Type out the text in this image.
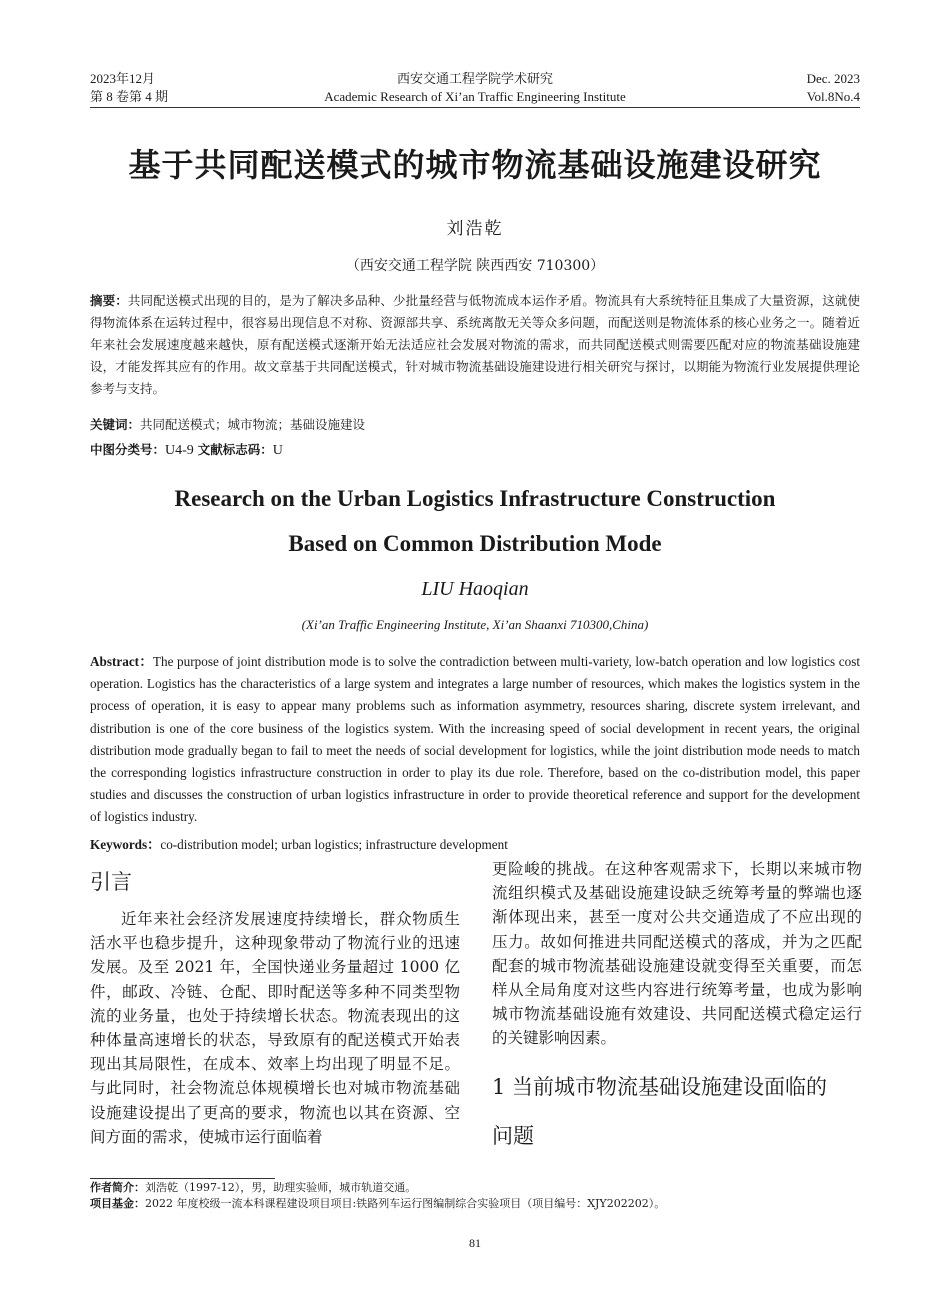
2023年12月
第 8 卷第 4 期
西安交通工程学院学术研究
Academic Research of Xi’an Traffic Engineering Institute
Dec. 2023
Vol.8No.4
基于共同配送模式的城市物流基础设施建设研究
刘浩乾
（西安交通工程学院 陕西西安 710300）
摘要：共同配送模式出现的目的，是为了解决多品种、少批量经营与低物流成本运作矛盾。物流具有大系统特征且集成了大量资源，这就使得物流体系在运转过程中，很容易出现信息不对称、资源部共享、系统离散无关等众多问题，而配送则是物流体系的核心业务之一。随着近年来社会发展速度越来越快，原有配送模式逐渐开始无法适应社会发展对物流的需求，而共同配送模式则需要匹配对应的物流基础设施建设，才能发挥其应有的作用。故文章基于共同配送模式，针对城市物流基础设施建设进行相关研究与探讨，以期能为物流行业发展提供理论参考与支持。
关键词：共同配送模式；城市物流；基础设施建设
中图分类号：U4-9 文献标志码：U
Research on the Urban Logistics Infrastructure Construction
Based on Common Distribution Mode
LIU Haoqian
(Xi’an Traffic Engineering Institute, Xi’an Shaanxi 710300,China)
Abstract：The purpose of joint distribution mode is to solve the contradiction between multi-variety, low-batch operation and low logistics cost operation. Logistics has the characteristics of a large system and integrates a large number of resources, which makes the logistics system in the process of operation, it is easy to appear many problems such as information asymmetry, resources sharing, discrete system irrelevant, and distribution is one of the core business of the logistics system. With the increasing speed of social development in recent years, the original distribution mode gradually began to fail to meet the needs of social development for logistics, while the joint distribution mode needs to match the corresponding logistics infrastructure construction in order to play its due role. Therefore, based on the co-distribution model, this paper studies and discusses the construction of urban logistics infrastructure in order to provide theoretical reference and support for the development of logistics industry.
Keywords：co-distribution model; urban logistics; infrastructure development
引言
近年来社会经济发展速度持续增长，群众物质生活水平也稳步提升，这种现象带动了物流行业的迅速发展。及至 2021 年，全国快递业务量超过 1000 亿件，邮政、冷链、仓配、即时配送等多种不同类型物流的业务量，也处于持续增长状态。物流表现出的这种体量高速增长的状态，导致原有的配送模式开始表现出其局限性，在成本、效率上均出现了明显不足。与此同时，社会物流总体规模增长也对城市物流基础设施建设提出了更高的要求，物流也以其在资源、空间方面的需求，使城市运行面临着
更险峻的挑战。在这种客观需求下，长期以来城市物流组织模式及基础设施建设缺乏统筹考量的弊端也逐渐体现出来，甚至一度对公共交通造成了不应出现的压力。故如何推进共同配送模式的落成，并为之匹配配套的城市物流基础设施建设就变得至关重要，而怎样从全局角度对这些内容进行统筹考量，也成为影响城市物流基础设施有效建设、共同配送模式稳定运行的关键影响因素。
1 当前城市物流基础设施建设面临的
问题
作者简介：刘浩乾（1997-12），男，助理实验师，城市轨道交通。
项目基金：2022 年度校级一流本科课程建设项目项目:铁路列车运行图编制综合实验项目（项目编号：XJY202202）。
81
